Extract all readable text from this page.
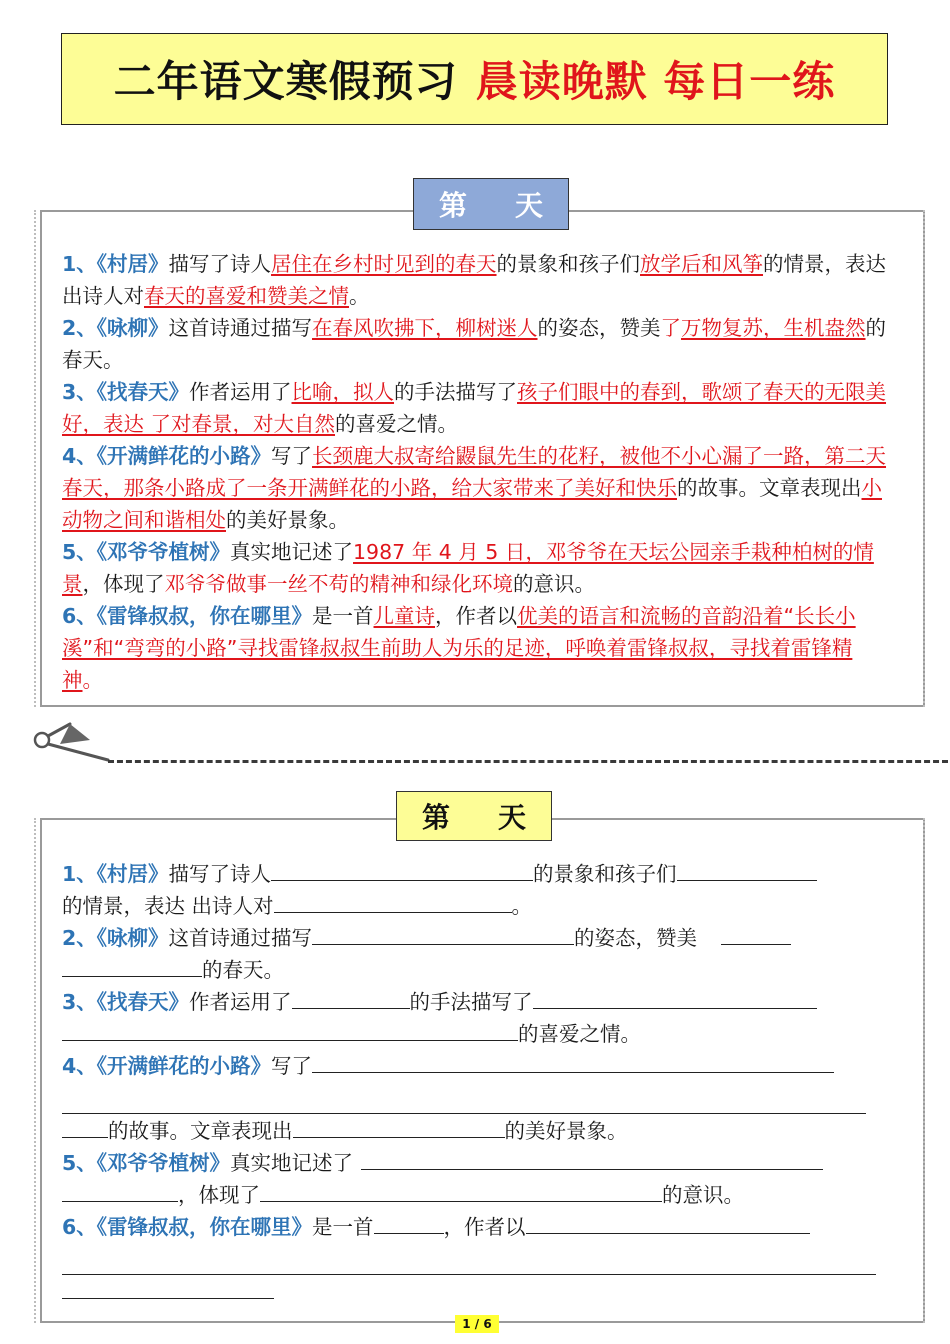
二年语文寒假预习 晨读晚默 每日一练
第 天
1、《村居》描写了诗人居住在乡村时见到的春天的景象和孩子们放学后和风筝的情景，表达 出诗人对春天的喜爱和赞美之情。
2、《咏柳》这首诗通过描写在春风吹拂下，柳树迷人的姿态，赞美了万物复苏，生机盎然的春天。
3、《找春天》作者运用了比喻，拟人的手法描写了孩子们眼中的春到，歌颂了春天的无限美好，表达 了对春景，对大自然的喜爱之情。
4、《开满鲜花的小路》写了长颈鹿大叔寄给鼹鼠先生的花籽，被他不小心漏了一路，第二天春天，那条小路成了一条开满鲜花的小路，给大家带来了美好和快乐的故事。文章表现出小动物之间和谐相处的美好景象。
5、《邓爷爷植树》真实地记述了1987 年 4 月 5 日，邓爷爷在天坛公园亲手栽种柏树的情景，体现了邓爷爷做事一丝不苟的精神和绿化环境的意识。
6、《雷锋叔叔，你在哪里》是一首儿童诗，作者以优美的语言和流畅的音韵沿着“长长小溪”和“弯弯的小路”寻找雷锋叔叔生前助人为乐的足迹，呼唤着雷锋叔叔，寻找着雷锋精神。
第 天
1、《村居》描写了诗人	的景象和孩子们
的情景，表达 出诗人对	。
2、《咏柳》这首诗通过描写	的姿态，赞美
的春天。
3、《找春天》作者运用了	的手法描写了
的喜爱之情。
4、《开满鲜花的小路》写了

的故事。文章表现出	的美好景象。
5、《邓爷爷植树》真实地记述了
，体现了	的意识。
6、《雷锋叔叔，你在哪里》是一首	，作者以

1 / 6
